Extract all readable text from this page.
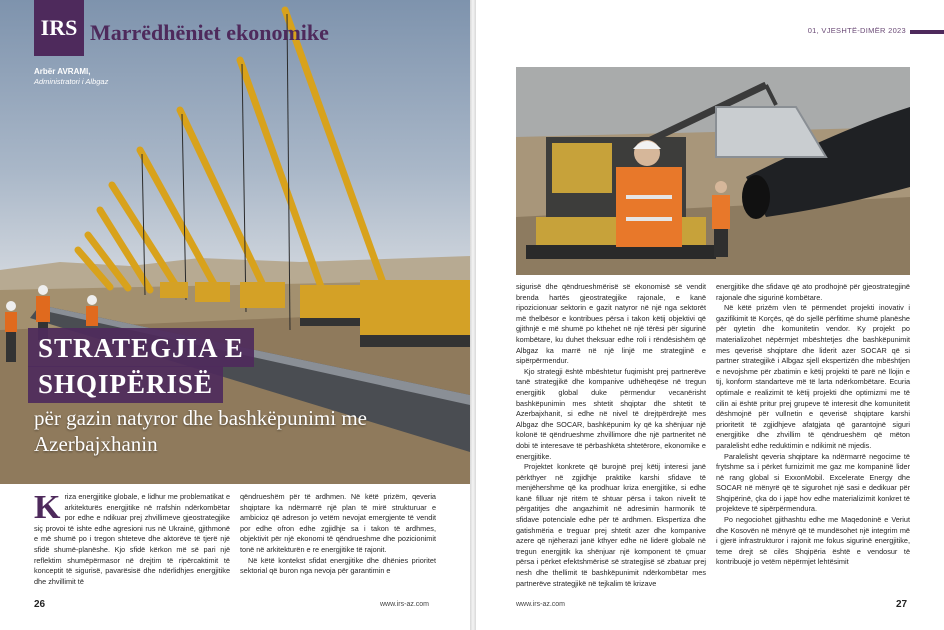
IRS Marrëdhëniet ekonomike
Arbër AVRAMI,
Administratori i Albgaz
STRATEGJIA E
SHQIPËRISË
për gazin natyror dhe bashkëpunimi me Azerbajxhanin
K riza energjitike globale, e lidhur me problematikat e arkitekturës energjitike në rrafshin ndërkombëtar por edhe e ndikuar prej zhvillimeve gjeostrategjike siç provoi të ishte edhe agresioni rus në Ukrainë, gjithmonë e më shumë po i tregon shteteve dhe aktorëve të tjerë një sfidë shumë-planëshe. Kjo sfidë kërkon më së pari një reflektim shumëpërmasor në drejtim të ripërcaktimit të konceptit të sigurisë, pavarësisë dhe ndërlidhjes energjitike dhe zhvillimit të

qëndrueshëm për të ardhmen. Në këtë prizëm, qeveria shqiptare ka ndërmarrë një plan të mirë strukturuar e ambicioz që adreson jo vetëm nevojat emergjente të vendit por edhe ofron edhe zgjidhje sa i takon të ardhmes, objektivit për një ekonomi të qëndrueshme dhe pozicionimit tonë në arkitekturën e re energjitike të rajonit.

Në këtë kontekst sfidat energjitike dhe dhënies prioritet sektorial që buron nga nevoja për garantimin e

26	www.irs-az.com
01, VJESHTË-DIMËR 2023

sigurisë dhe qëndrueshmërisë së ekonomisë së vendit brenda hartës gjeostrategjike rajonale, e kanë ripozicionuar sektorin e gazit natyror në një nga sektorët më thelbësor e kontribues përsa i takon këtij objektivi që gjithnjë e më shumë po kthehet në një tërësi për sigurinë kombëtare, ku duhet theksuar edhe roli i rëndësishëm që Albgaz ka marrë në një linjë me strategjinë e sipërpërmendur.

Kjo strategji është mbështetur fuqimisht prej partnerëve tanë strategjikë dhe kompanive udhëheqëse në tregun energjitik global duke përmendur vecanërisht bashkëpunimin mes shtetit shqiptar dhe shtetit të Azerbajxhanit, si edhe në nivel të drejtpërdrejtë mes Albgaz dhe SOCAR, bashkëpunim ky që ka shënjuar një kolonë të qëndrueshme zhvillimore dhe një partneritet në dobi të interesave të përbashkëta shtetërore, ekonomike e energjitike.

Projektet konkrete që burojnë prej këtij interesi janë përkthyer në zgjidhje praktike karshi sfidave të menjëhershme që ka prodhuar kriza energjitike, si edhe kanë filluar një ritëm të shtuar përsa i takon nivelit të përgatitjes dhe angazhimit në adresimin harmonik të sfidave potenciale edhe për të ardhmen. Ekspertiza dhe gatishmëria e treguar prej shtetit azer dhe kompanive azere që njëherazi janë kthyer edhe në liderë globalë në tregun energjitik ka shënjuar një komponent të çmuar përsa i përket efektshmërisë së strategjisë së zbatuar prej nesh dhe thellimit të bashkëpunimit ndërkombëtar mes partnerëve strategjikë në tejkalim të krizave

energjitike dhe sfidave që ato prodhojnë për gjeostrategjinë rajonale dhe sigurinë kombëtare.

Në këtë prizëm vlen të përmendet projekti inovativ i gazifikimit të Korçës, që do sjellë përfitime shumë planëshe për qytetin dhe komunitetin vendor. Ky projekt po materializohet nëpërmjet mbështetjes dhe bashkëpunimit mes qeverisë shqiptare dhe liderit azer SOCAR që si partner strategjikë i Albgaz sjell ekspertizën dhe mbështjen e nevojshme për zbatimin e këtij projekti të parë në llojin e tij, konform standarteve më të larta ndërkombëtare. Ecuria optimale e realizimit të këtij projekti dhe optimizmi me të cilin ai është pritur prej grupeve të interesit dhe komunitetit dëshmojnë për vullnetin e qeverisë shqiptare karshi prioritetit të zgjidhjeve afatgjata që garantojnë siguri energjitike dhe zhvillim të qëndrueshëm që mëton paralelisht edhe reduktimin e ndikimit në mjedis.

Paralelisht qeveria shqiptare ka ndërmarrë negocime të frytshme sa i përket furnizimit me gaz me kompaninë lider në rang global si ExxonMobil. Excelerate Energy dhe SOCAR në mënyrë që të sigurohet një sasi e dedikuar për Shqipërinë, çka do i japë hov edhe materializimit konkret të projekteve të sipërpërmendura.

Po negociohet gjithashtu edhe me Maqedoninë e Veriut dhe Kosovën në mënyrë që të mundësohet një integrim më i gjerë infrastrukturor i rajonit me fokus sigurinë energjitike, teme drejt së cilës Shqipëria është e vendosur të kontribuojë jo vetëm nëpërmjet lehtësimit

www.irs-az.com	27
